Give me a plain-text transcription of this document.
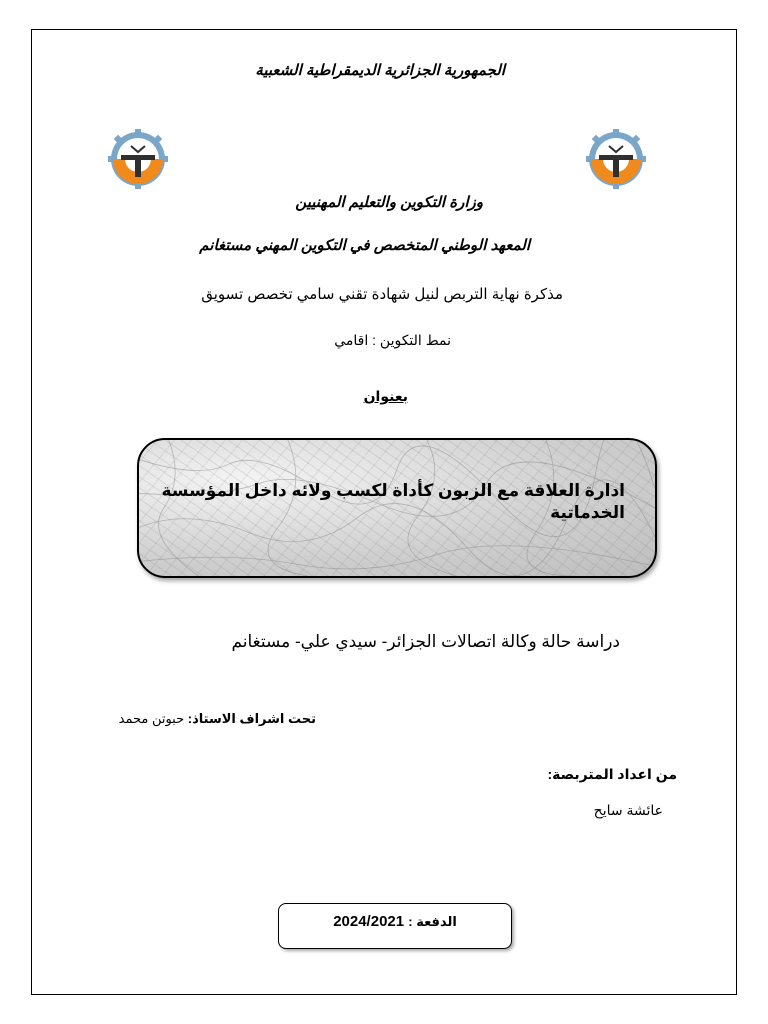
الجمهورية الجزائرية الديمقراطية الشعبية
وزارة التكوين والتعليم المهنيين
المعهد الوطني المتخصص في التكوين المهني مستغانم
مذكرة نهاية التربص لنيل شهادة تقني سامي تخصص تسويق
نمط التكوين : اقامي
بعنوان
ادارة العلاقة مع الزبون كأداة لكسب ولائه داخل المؤسسة الخدماتية
دراسة حالة وكالة اتصالات الجزائر- سيدي علي- مستغانم
تحت اشراف الاستاذ: حبوتن محمد
من اعداد المتربصة:
عائشة سايح
الدفعة : 2024/2021
